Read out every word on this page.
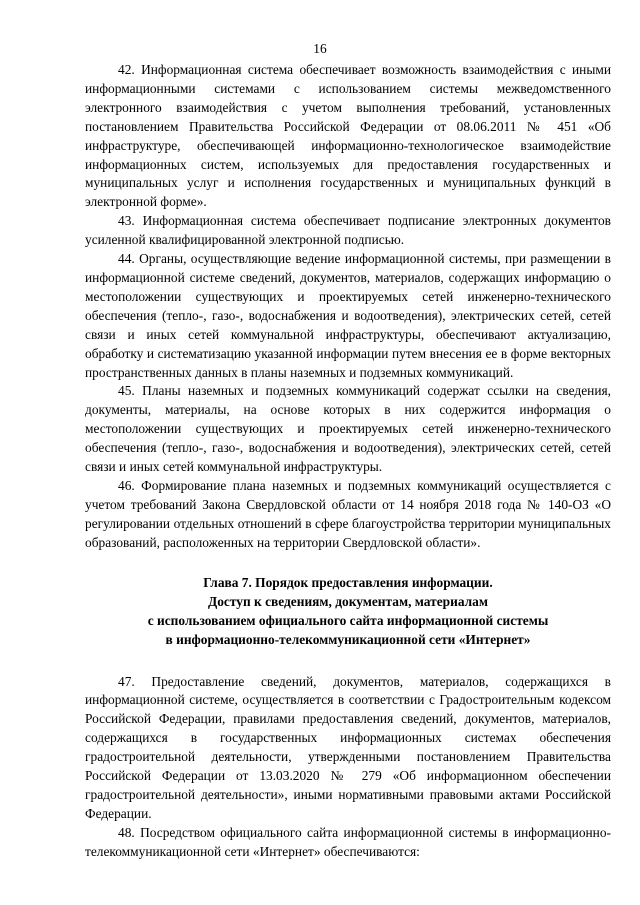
16

42. Информационная система обеспечивает возможность взаимодействия с иными информационными системами с использованием системы межведомственного электронного взаимодействия с учетом выполнения требований, установленных постановлением Правительства Российской Федерации от 08.06.2011 № 451 «Об инфраструктуре, обеспечивающей информационно-технологическое взаимодействие информационных систем, используемых для предоставления государственных и муниципальных услуг и исполнения государственных и муниципальных функций в электронной форме».

43. Информационная система обеспечивает подписание электронных документов усиленной квалифицированной электронной подписью.

44. Органы, осуществляющие ведение информационной системы, при размещении в информационной системе сведений, документов, материалов, содержащих информацию о местоположении существующих и проектируемых сетей инженерно-технического обеспечения (тепло-, газо-, водоснабжения и водоотведения), электрических сетей, сетей связи и иных сетей коммунальной инфраструктуры, обеспечивают актуализацию, обработку и систематизацию указанной информации путем внесения ее в форме векторных пространственных данных в планы наземных и подземных коммуникаций.

45. Планы наземных и подземных коммуникаций содержат ссылки на сведения, документы, материалы, на основе которых в них содержится информация о местоположении существующих и проектируемых сетей инженерно-технического обеспечения (тепло-, газо-, водоснабжения и водоотведения), электрических сетей, сетей связи и иных сетей коммунальной инфраструктуры.

46. Формирование плана наземных и подземных коммуникаций осуществляется с учетом требований Закона Свердловской области от 14 ноября 2018 года № 140-ОЗ «О регулировании отдельных отношений в сфере благоустройства территории муниципальных образований, расположенных на территории Свердловской области».

Глава 7. Порядок предоставления информации.
Доступ к сведениям, документам, материалам
с использованием официального сайта информационной системы
в информационно-телекоммуникационной сети «Интернет»

47. Предоставление сведений, документов, материалов, содержащихся в информационной системе, осуществляется в соответствии с Градостроительным кодексом Российской Федерации, правилами предоставления сведений, документов, материалов, содержащихся в государственных информационных системах обеспечения градостроительной деятельности, утвержденными постановлением Правительства Российской Федерации от 13.03.2020 № 279 «Об информационном обеспечении градостроительной деятельности», иными нормативными правовыми актами Российской Федерации.

48. Посредством официального сайта информационной системы в информационно-телекоммуникационной сети «Интернет» обеспечиваются:
